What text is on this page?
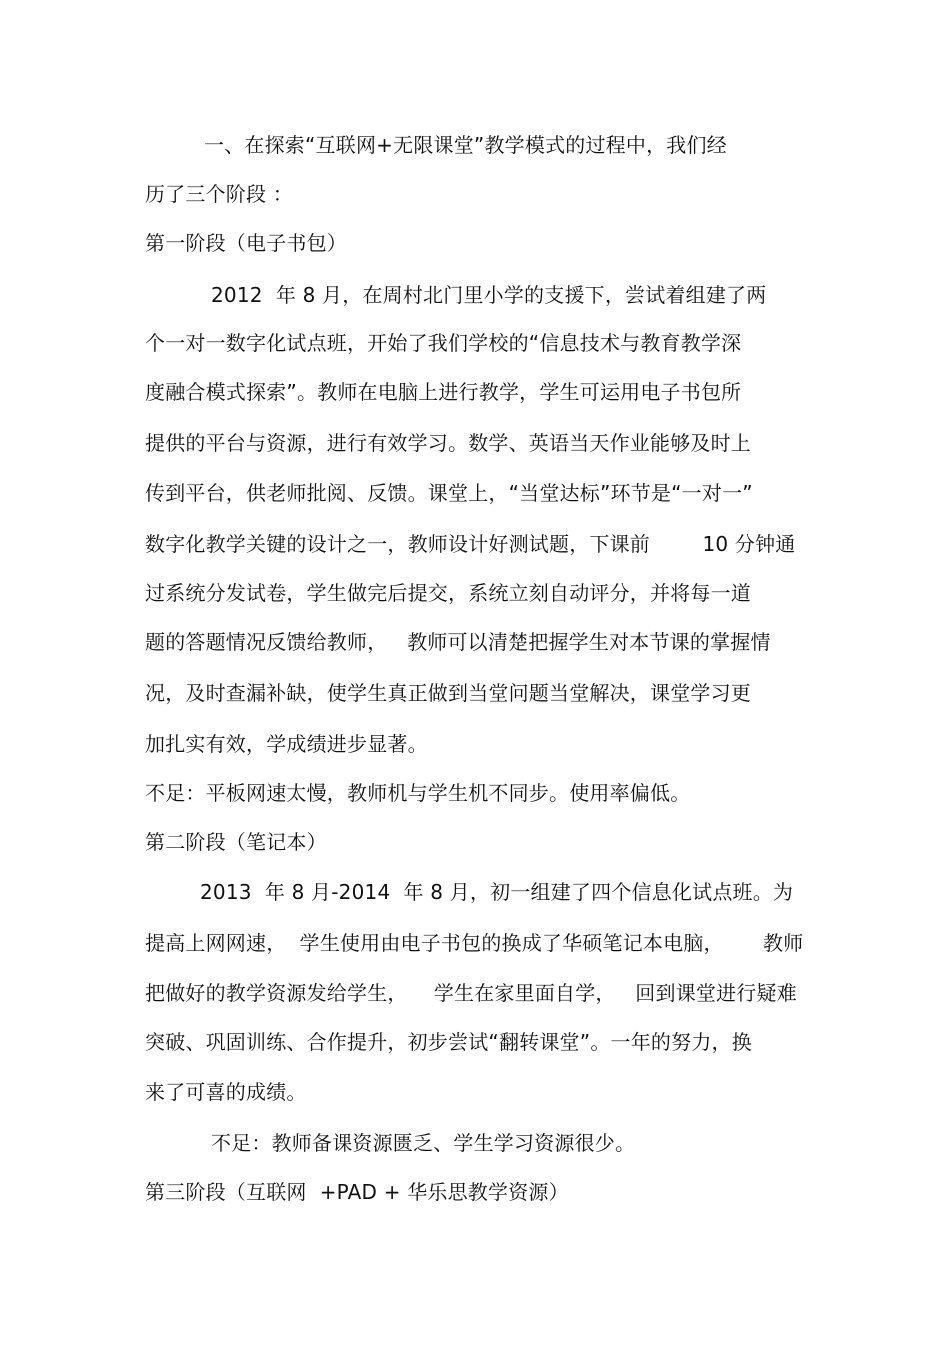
一、在探索“互联网+无限课堂”教学模式的过程中，我们经
历了三个阶段 ：
第一阶段（电子书包）
2012  年 8 月，在周村北门里小学的支援下，尝试着组建了两
个一对一数字化试点班，开始了我们学校的“信息技术与教育教学深
度融合模式探索”。教师在电脑上进行教学，学生可运用电子书包所
提供的平台与资源，进行有效学习。数学、英语当天作业能够及时上
传到平台，供老师批阅、反馈。课堂上，“当堂达标”环节是“一对一”
数字化教学关键的设计之一，教师设计好测试题，下课前        10 分钟通
过系统分发试卷，学生做完后提交，系统立刻自动评分，并将每一道
题的答题情况反馈给教师，   教师可以清楚把握学生对本节课的掌握情
况，及时查漏补缺，使学生真正做到当堂问题当堂解决，课堂学习更
加扎实有效，学成绩进步显著。
不足：平板网速太慢，教师机与学生机不同步。使用率偏低。
第二阶段（笔记本）
2013  年 8 月-2014  年 8 月，初一组建了四个信息化试点班。为
提高上网网速，  学生使用由电子书包的换成了华硕笔记本电脑，      教师
把做好的教学资源发给学生，    学生在家里面自学，   回到课堂进行疑难
突破、巩固训练、合作提升，初步尝试“翻转课堂”。一年的努力，换
来了可喜的成绩。
不足：教师备课资源匮乏、学生学习资源很少。
第三阶段（互联网  +PAD + 华乐思教学资源）
